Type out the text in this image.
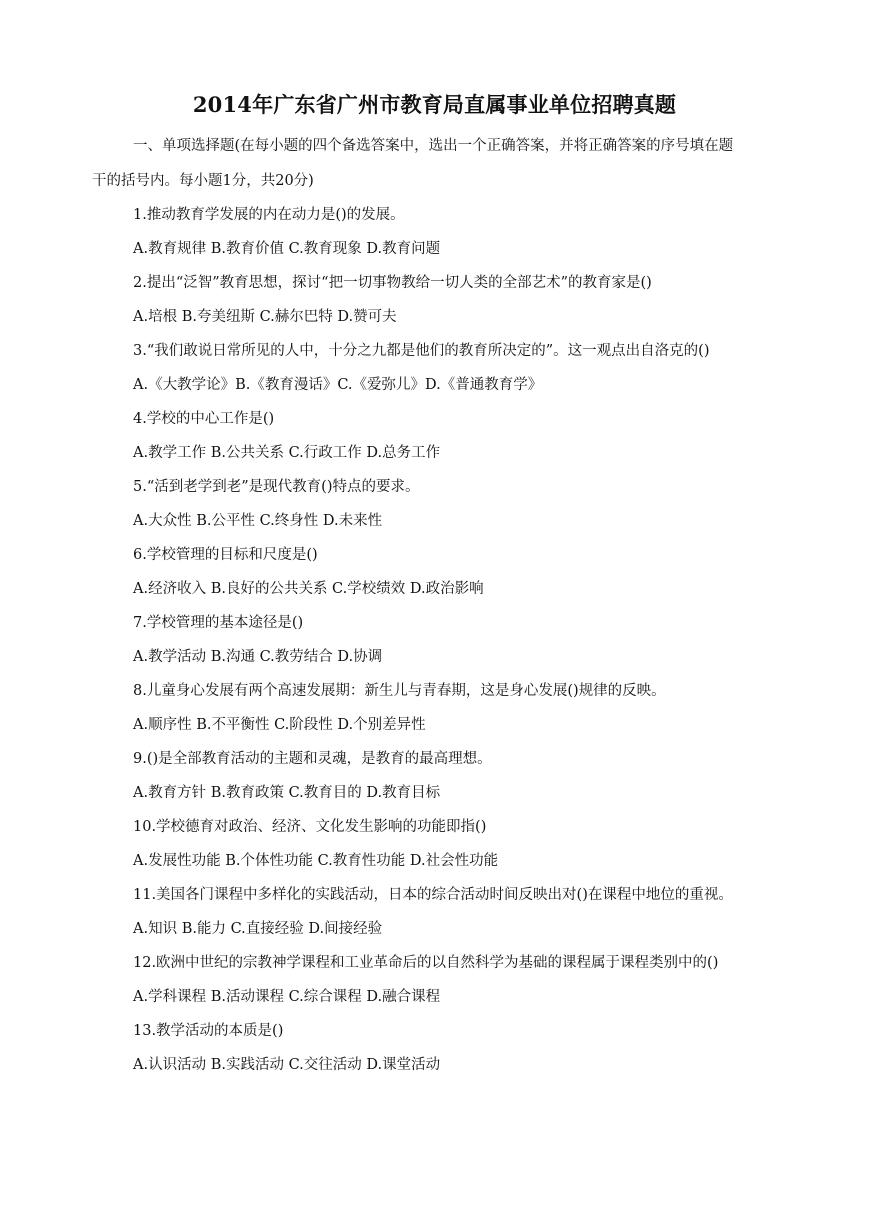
2014年广东省广州市教育局直属事业单位招聘真题
一、单项选择题(在每小题的四个备选答案中，选出一个正确答案，并将正确答案的序号填在题
干的括号内。每小题1分，共20分)
1.推动教育学发展的内在动力是()的发展。
A.教育规律 B.教育价值 C.教育现象 D.教育问题
2.提出“泛智”教育思想，探讨“把一切事物教给一切人类的全部艺术”的教育家是()
A.培根 B.夸美纽斯 C.赫尔巴特 D.赞可夫
3.“我们敢说日常所见的人中，十分之九都是他们的教育所决定的”。这一观点出自洛克的()
A.《大教学论》B.《教育漫话》C.《爱弥儿》D.《普通教育学》
4.学校的中心工作是()
A.教学工作 B.公共关系 C.行政工作 D.总务工作
5.“活到老学到老”是现代教育()特点的要求。
A.大众性 B.公平性 C.终身性 D.未来性
6.学校管理的目标和尺度是()
A.经济收入 B.良好的公共关系 C.学校绩效 D.政治影响
7.学校管理的基本途径是()
A.教学活动 B.沟通 C.教劳结合 D.协调
8.儿童身心发展有两个高速发展期：新生儿与青春期，这是身心发展()规律的反映。
A.顺序性 B.不平衡性 C.阶段性 D.个别差异性
9.()是全部教育活动的主题和灵魂，是教育的最高理想。
A.教育方针 B.教育政策 C.教育目的 D.教育目标
10.学校德育对政治、经济、文化发生影响的功能即指()
A.发展性功能 B.个体性功能 C.教育性功能 D.社会性功能
11.美国各门课程中多样化的实践活动，日本的综合活动时间反映出对()在课程中地位的重视。
A.知识 B.能力 C.直接经验 D.间接经验
12.欧洲中世纪的宗教神学课程和工业革命后的以自然科学为基础的课程属于课程类别中的()
A.学科课程 B.活动课程 C.综合课程 D.融合课程
13.教学活动的本质是()
A.认识活动 B.实践活动 C.交往活动 D.课堂活动
